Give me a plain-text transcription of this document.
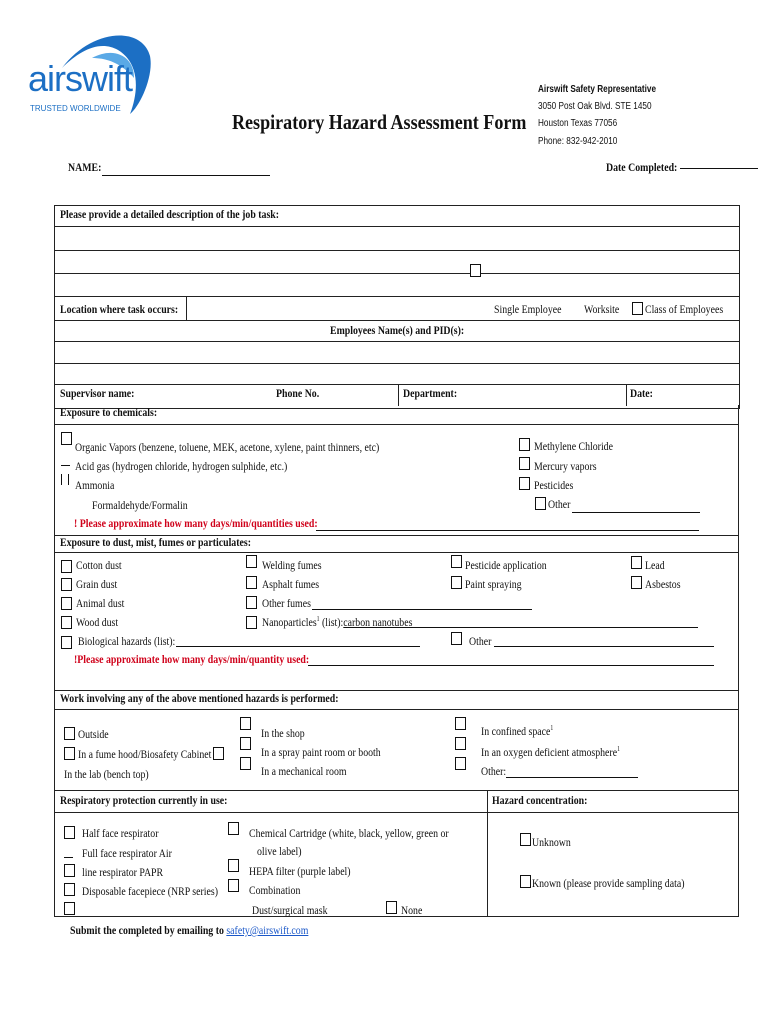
airswift
TRUSTED WORLDWIDE
Respiratory Hazard Assessment Form
Airswift Safety Representative
3050 Post Oak Blvd. STE 1450
Houston Texas 77056
Phone: 832-942-2010
NAME:	Date Completed:
Please provide a detailed description of the job task:
Location where task occurs:	Single Employee Worksite Class of Employees
Employees Name(s) and PID(s):
Supervisor name:	Phone No.	Department:	Date:
Exposure to chemicals:
Organic Vapors (benzene, toluene, MEK, acetone, xylene, paint thinners, etc)
Acid gas (hydrogen chloride, hydrogen sulphide, etc.)
Ammonia
Formaldehyde/Formalin
Methylene Chloride
Mercury vapors
Pesticides
Other
! Please approximate how many days/min/quantities used:
Exposure to dust, mist, fumes or particulates:
Cotton dust
Grain dust
Animal dust
Wood dust
Biological hazards (list):
Welding fumes
Asphalt fumes
Other fumes
Nanoparticles$^1$ (list):carbon nanotubes
Pesticide application
Paint spraying
Other
Lead
Asbestos
!Please approximate how many days/min/quantity used:
Work involving any of the above mentioned hazards is performed:
Outside
In a fume hood/Biosafety Cabinet
In the lab (bench top)
In the shop
In a spray paint room or booth
In a mechanical room
In confined space$^1$
In an oxygen deficient atmosphere$^1$
Other:
Respiratory protection currently in use:	Hazard concentration:
Half face respirator
Full face respirator Air
line respirator PAPR
Disposable facepiece (NRP series)
Chemical Cartridge (white, black, yellow, green or
olive label)
HEPA filter (purple label)
Combination
Dust/surgical mask	None
Unknown
Known (please provide sampling data)
Submit the completed by emailing to safety@airswift.com
